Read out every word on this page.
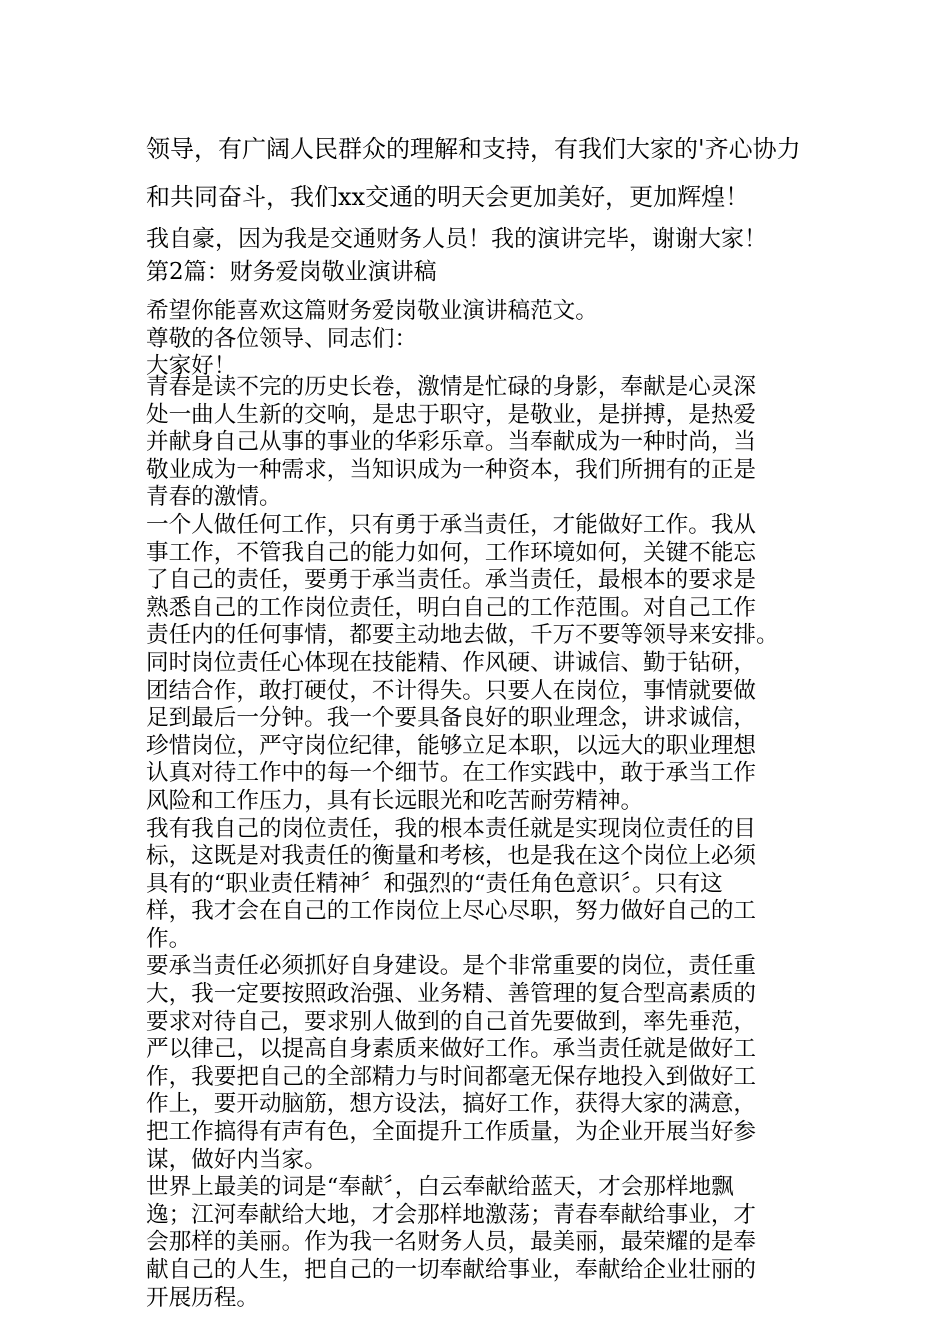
领导，有广阔人民群众的理解和支持，有我们大家的'齐心协力
和共同奋斗，我们xx交通的明天会更加美好，更加辉煌！
我自豪，因为我是交通财务人员！我的演讲完毕，谢谢大家！
第2篇：财务爱岗敬业演讲稿

希望你能喜欢这篇财务爱岗敬业演讲稿范文。

尊敬的各位领导、同志们：

大家好！

青春是读不完的历史长卷，激情是忙碌的身影，奉献是心灵深

处一曲人生新的交响，是忠于职守，是敬业，是拼搏，是热爱

并献身自己从事的事业的华彩乐章。当奉献成为一种时尚，当

敬业成为一种需求，当知识成为一种资本，我们所拥有的正是

青春的激情。

一个人做任何工作，只有勇于承当责任，才能做好工作。我从

事工作，不管我自己的能力如何，工作环境如何，关键不能忘

了自己的责任，要勇于承当责任。承当责任，最根本的要求是

熟悉自己的工作岗位责任，明白自己的工作范围。对自己工作

责任内的任何事情，都要主动地去做，千万不要等领导来安排。

同时岗位责任心体现在技能精、作风硬、讲诚信、勤于钻研，

团结合作，敢打硬仗，不计得失。只要人在岗位，事情就要做

足到最后一分钟。我一个要具备良好的职业理念，讲求诚信，

珍惜岗位，严守岗位纪律，能够立足本职，以远大的职业理想

认真对待工作中的每一个细节。在工作实践中，敢于承当工作

风险和工作压力，具有长远眼光和吃苦耐劳精神。

我有我自己的岗位责任，我的根本责任就是实现岗位责任的目

标，这既是对我责任的衡量和考核，也是我在这个岗位上必须

具有的“职业责任精神〞和强烈的“责任角色意识〞。只有这

样，我才会在自己的工作岗位上尽心尽职，努力做好自己的工

作。

要承当责任必须抓好自身建设。是个非常重要的岗位，责任重

大，我一定要按照政治强、业务精、善管理的复合型高素质的

要求对待自己，要求别人做到的自己首先要做到，率先垂范，

严以律己，以提高自身素质来做好工作。承当责任就是做好工

作，我要把自己的全部精力与时间都毫无保存地投入到做好工

作上，要开动脑筋，想方设法，搞好工作，获得大家的满意，

把工作搞得有声有色，全面提升工作质量，为企业开展当好参

谋，做好内当家。

世界上最美的词是“奉献〞，白云奉献给蓝天，才会那样地飘

逸；江河奉献给大地，才会那样地激荡；青春奉献给事业，才

会那样的美丽。作为我一名财务人员，最美丽，最荣耀的是奉

献自己的人生，把自己的一切奉献给事业，奉献给企业壮丽的

开展历程。
